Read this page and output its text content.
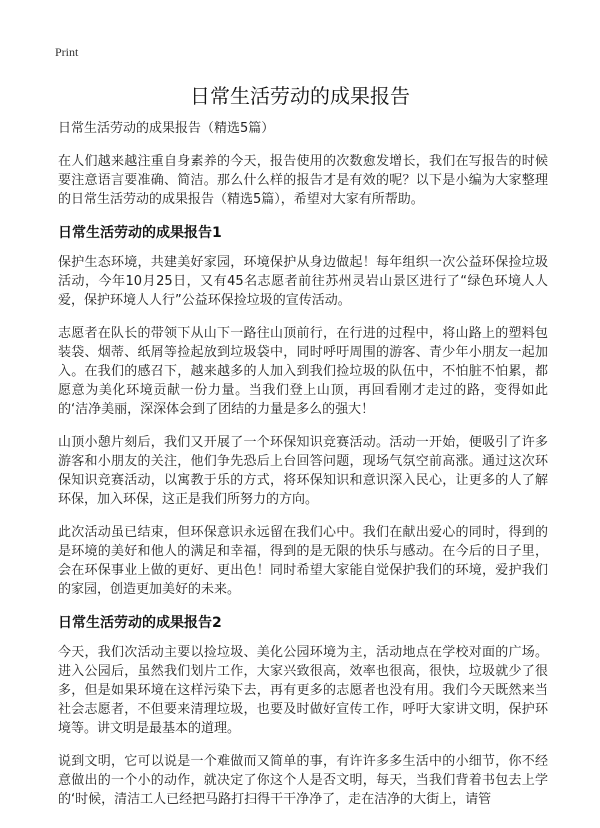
Print
日常生活劳动的成果报告

日常生活劳动的成果报告（精选5篇）

在人们越来越注重自身素养的今天，报告使用的次数愈发增长，我们在写报告的时候要注意语言要准确、简洁。那么什么样的报告才是有效的呢？以下是小编为大家整理的日常生活劳动的成果报告（精选5篇），希望对大家有所帮助。

日常生活劳动的成果报告1

保护生态环境，共建美好家园，环境保护从身边做起！每年组织一次公益环保捡垃圾活动，今年10月25日，又有45名志愿者前往苏州灵岩山景区进行了“绿色环境人人爱，保护环境人人行”公益环保捡垃圾的宣传活动。

志愿者在队长的带领下从山下一路往山顶前行，在行进的过程中，将山路上的塑料包装袋、烟蒂、纸屑等捡起放到垃圾袋中，同时呼吁周围的游客、青少年小朋友一起加入。在我们的感召下，越来越多的人加入到我们捡垃圾的队伍中，不怕脏不怕累，都愿意为美化环境贡献一份力量。当我们登上山顶，再回看刚才走过的路，变得如此的‘洁净美丽，深深体会到了团结的力量是多么的强大！

山顶小憩片刻后，我们又开展了一个环保知识竞赛活动。活动一开始，便吸引了许多游客和小朋友的关注，他们争先恐后上台回答问题，现场气氛空前高涨。通过这次环保知识竞赛活动，以寓教于乐的方式，将环保知识和意识深入民心，让更多的人了解环保，加入环保，这正是我们所努力的方向。

此次活动虽已结束，但环保意识永远留在我们心中。我们在献出爱心的同时，得到的是环境的美好和他人的满足和幸福，得到的是无限的快乐与感动。在今后的日子里，会在环保事业上做的更好、更出色！同时希望大家能自觉保护我们的环境，爱护我们的家园，创造更加美好的未来。

日常生活劳动的成果报告2

今天，我们次活动主要以捡垃圾、美化公园环境为主，活动地点在学校对面的广场。进入公园后，虽然我们划片工作，大家兴致很高，效率也很高，很快，垃圾就少了很多，但是如果环境在这样污染下去，再有更多的志愿者也没有用。我们今天既然来当社会志愿者，不但要来清理垃圾，也要及时做好宣传工作，呼吁大家讲文明，保护环境等。讲文明是最基本的道理。

说到文明，它可以说是一个难做而又简单的事，有许许多多生活中的小细节，你不经意做出的一个小的动作，就决定了你这个人是否文明，每天，当我们背着书包去上学的‘时候，清洁工人已经把马路打扫得干干净净了，走在洁净的大街上，请管
